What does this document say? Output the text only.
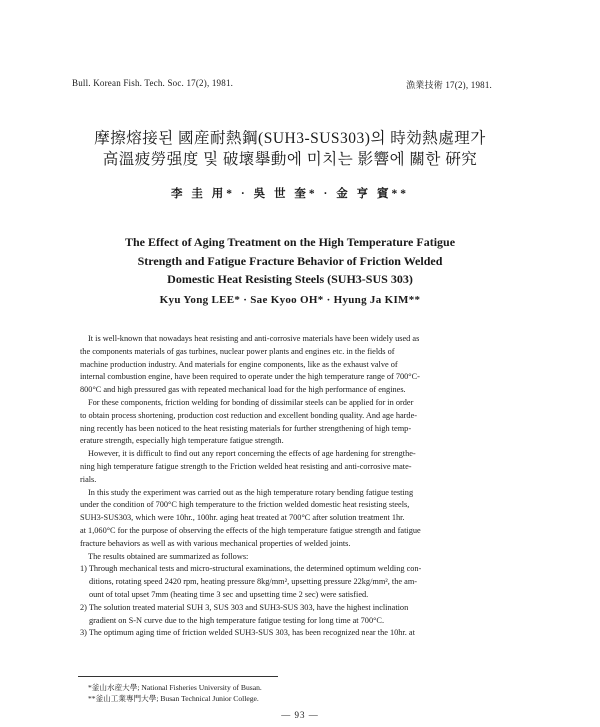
Bull. Korean Fish. Tech. Soc. 17(2), 1981.	漁業技術 17(2), 1981.
摩擦熔接된 國産耐熱鋼(SUH3-SUS303)의 時効熱處理가
高溫疲勞强度 및 破壞擧動에 미치는 影響에 關한 硏究
李 圭 用* · 吳 世 奎* · 金 亨 賓**
The Effect of Aging Treatment on the High Temperature Fatigue
Strength and Fatigue Fracture Behavior of Friction Welded
Domestic Heat Resisting Steels (SUH3-SUS 303)
Kyu Yong LEE* · Sae Kyoo OH* · Hyung Ja KIM**
It is well-known that nowadays heat resisting and anti-corrosive materials have been widely used as
the components materials of gas turbines, nuclear power plants and engines etc. in the fields of
machine production industry. And materials for engine components, like as the exhaust valve of
internal combustion engine, have been required to operate under the high temperature range of 700°C-
800°C and high pressured gas with repeated mechanical load for the high performance of engines.
For these components, friction welding for bonding of dissimilar steels can be applied for in order
to obtain process shortening, production cost reduction and excellent bonding quality. And age harde-
ning recently has been noticed to the heat resisting materials for further strengthening of high temp-
erature strength, especially high temperature fatigue strength.
However, it is difficult to find out any report concerning the effects of age hardening for strengthe-
ning high temperature fatigue strength to the Friction welded heat resisting and anti-corrosive mate-
rials.
In this study the experiment was carried out as the high temperature rotary bending fatigue testing
under the condition of 700°C high temperature to the friction welded domestic heat resisting steels,
SUH3-SUS303, which were 10hr., 100hr. aging heat treated at 700°C after solution treatment 1hr.
at 1,060°C for the purpose of observing the effects of the high temperature fatigue strength and fatigue
fracture behaviors as well as with various mechanical properties of welded joints.
The results obtained are summarized as follows:
1) Through mechanical tests and micro-structural examinations, the determined optimum welding con-
ditions, rotating speed 2420 rpm, heating pressure 8kg/mm², upsetting pressure 22kg/mm², the am-
ount of total upset 7mm (heating time 3 sec and upsetting time 2 sec) were satisfied.
2) The solution treated material SUH 3, SUS 303 and SUH3-SUS 303, have the highest inclination
gradient on S-N curve due to the high temperature fatigue testing for long time at 700°C.
3) The optimum aging time of friction welded SUH3-SUS 303, has been recognized near the 10hr. at
*釜山水産大學; National Fisheries University of Busan.
**釜山工業專門大學; Busan Technical Junior College.
— 93 —
